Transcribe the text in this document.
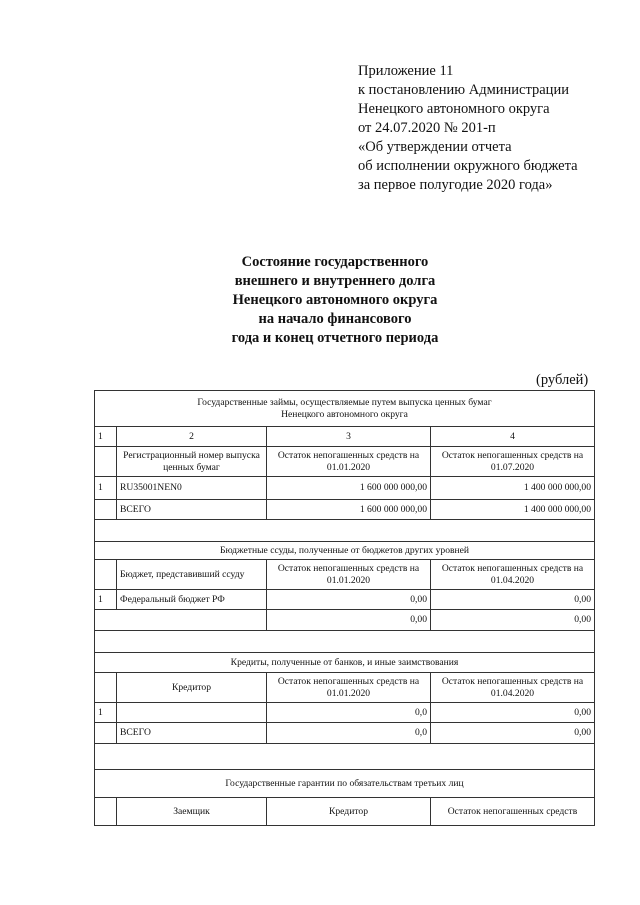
Приложение 11
к постановлению Администрации
Ненецкого автономного округа
от 24.07.2020 № 201-п
«Об утверждении отчета
об исполнении окружного бюджета
за первое полугодие 2020 года»
Состояние государственного
внешнего и внутреннего долга
Ненецкого автономного округа
на начало финансового
года и конец отчетного периода
(рублей)
Государственные займы, осуществляемые путем выпуска ценных бумаг
Ненецкого автономного округа			

1	2	3	4
	Регистрационный номер выпуска ценных бумаг	Остаток непогашенных средств на 01.01.2020	Остаток непогашенных средств на 01.07.2020
1	RU35001NEN0	1 600 000 000,00	1 400 000 000,00
	ВСЕГО	1 600 000 000,00	1 400 000 000,00

Бюджетные ссуды, полученные от бюджетов других уровней			
	Бюджет, представивший ссуду	Остаток непогашенных средств на 01.01.2020	Остаток непогашенных средств на 01.04.2020
1	Федеральный бюджет РФ	0,00	0,00
		0,00	0,00

Кредиты, полученные от банков, и иные заимствования			
	Кредитор	Остаток непогашенных средств на 01.01.2020	Остаток непогашенных средств на 01.04.2020
1		0,0	0,00
	ВСЕГО	0,0	0,00

Государственные гарантии по обязательствам третьих лиц			
	Заемщик	Кредитор	Остаток непогашенных средств
